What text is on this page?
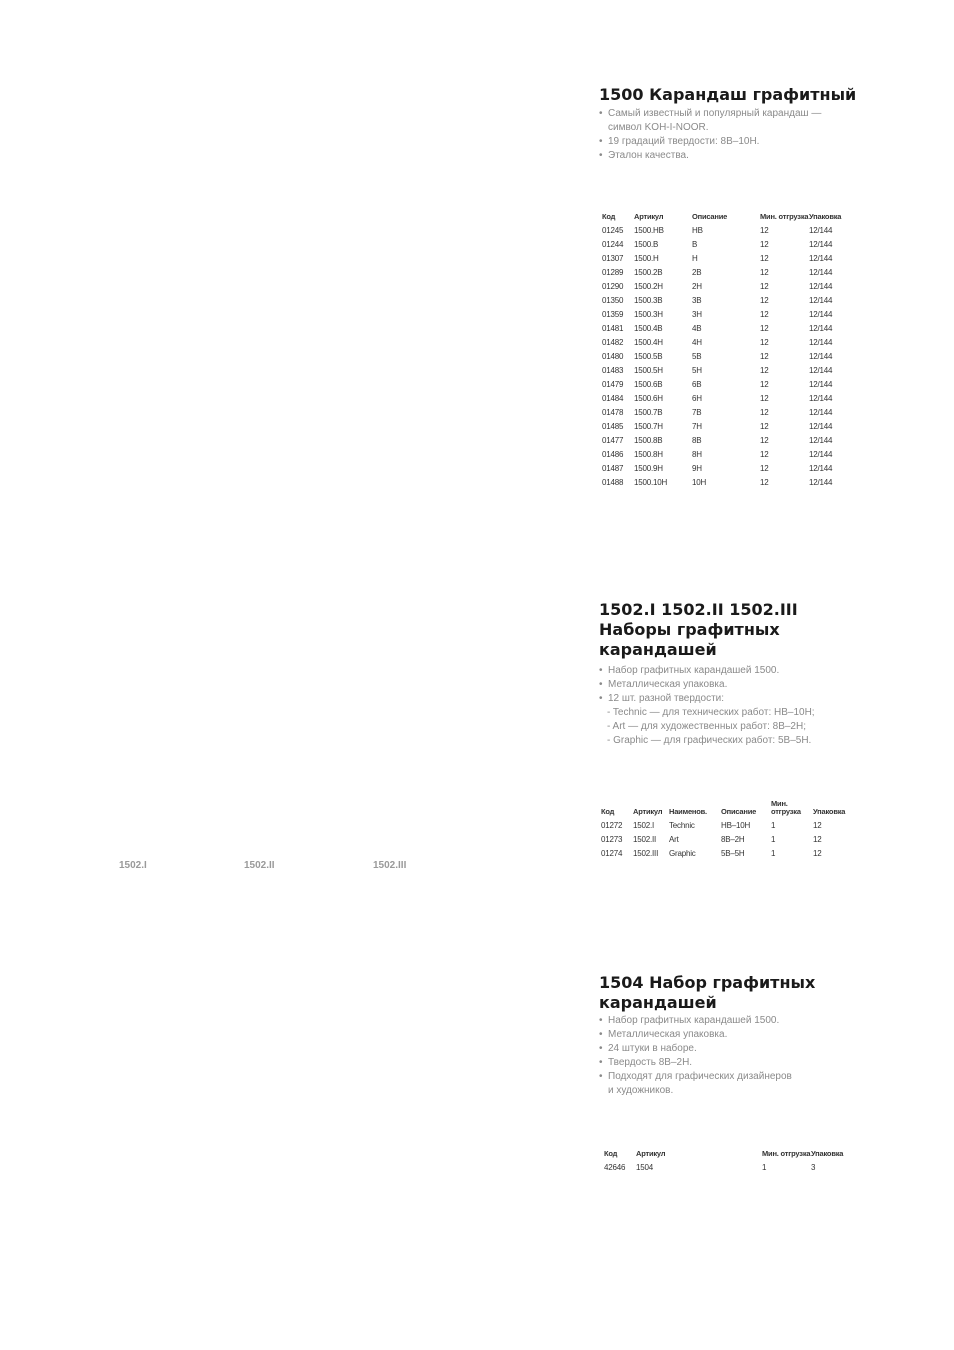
1500 Карандаш графитный
• Самый известный и популярный карандаш —
символ KOH-I-NOOR.
• 19 градаций твердости: 8B–10H.
• Эталон качества.
Код	Артикул	Описание	Мин. отгрузка	Упаковка
01245	1500.HB	HB	12	12/144
01244	1500.B	B	12	12/144
01307	1500.H	H	12	12/144
01289	1500.2B	2B	12	12/144
01290	1500.2H	2H	12	12/144
01350	1500.3B	3B	12	12/144
01359	1500.3H	3H	12	12/144
01481	1500.4B	4B	12	12/144
01482	1500.4H	4H	12	12/144
01480	1500.5B	5B	12	12/144
01483	1500.5H	5H	12	12/144
01479	1500.6B	6B	12	12/144
01484	1500.6H	6H	12	12/144
01478	1500.7B	7B	12	12/144
01485	1500.7H	7H	12	12/144
01477	1500.8B	8B	12	12/144
01486	1500.8H	8H	12	12/144
01487	1500.9H	9H	12	12/144
01488	1500.10H	10H	12	12/144
1502.I 1502.II 1502.III
Наборы графитных
карандашей
• Набор графитных карандашей 1500.
• Металлическая упаковка.
• 12 шт. разной твердости:
- Technic — для технических работ: HB–10H;
- Art — для художественных работ: 8B–2H;
- Graphic — для графических работ: 5B–5H.
Код	Артикул	Наименов.	Описание	Мин. отгрузка	Упаковка
01272	1502.I	Technic	HB–10H	1	12
01273	1502.II	Art	8B–2H	1	12
01274	1502.III	Graphic	5B–5H	1	12
1502.I	1502.II	1502.III
1504 Набор графитных
карандашей
• Набор графитных карандашей 1500.
• Металлическая упаковка.
• 24 штуки в наборе.
• Твердость 8B–2H.
• Подходят для графических дизайнеров
и художников.
Код	Артикул	Мин. отгрузка	Упаковка
42646	1504	1	3
